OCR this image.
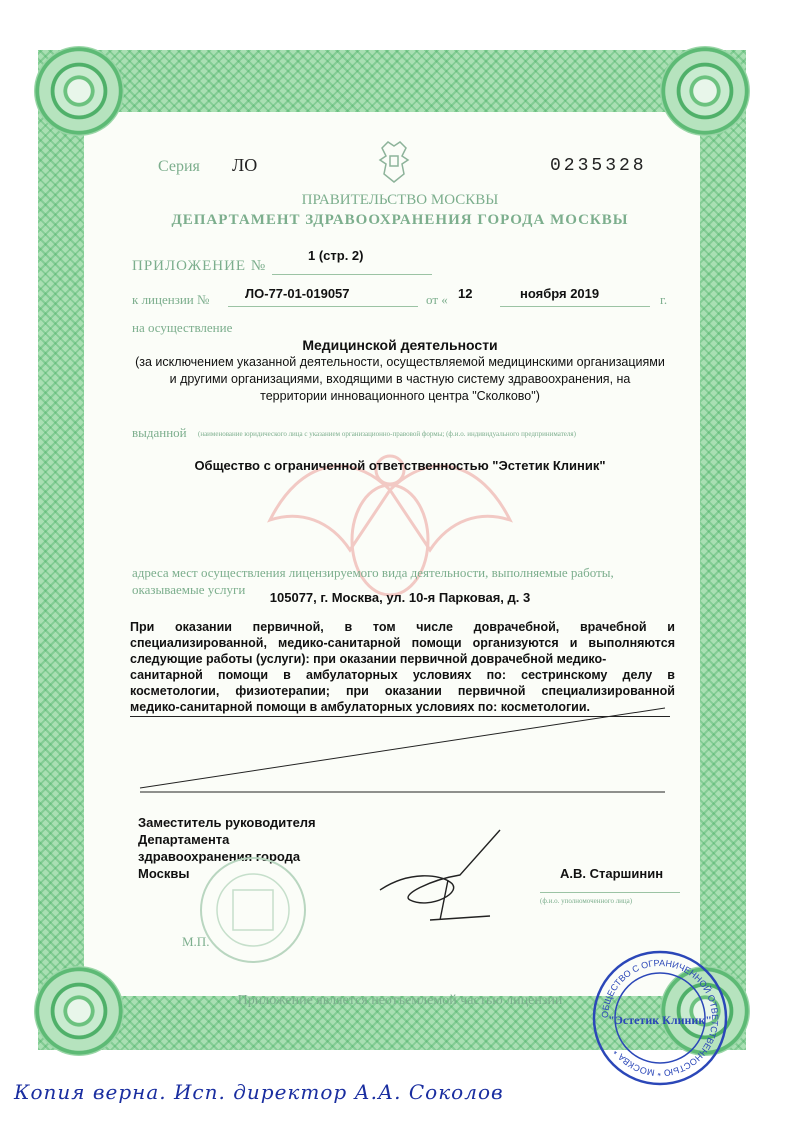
Серия ЛО	0235328
ПРАВИТЕЛЬСТВО МОСКВЫ
ДЕПАРТАМЕНТ ЗДРАВООХРАНЕНИЯ ГОРОДА МОСКВЫ
ПРИЛОЖЕНИЕ №
1 (стр. 2)
к лицензии №	ЛО-77-01-019057	от « 12	ноября 2019	г.
на осуществление
Медицинской деятельности
(за исключением указанной деятельности, осуществляемой медицинскими организациями
и другими организациями, входящими в частную систему здравоохранения, на
территории инновационного центра "Сколково")
выданной (наименование юридического лица с указанием организационно-правовой формы; (ф.и.о. индивидуального предпринимателя)
Общество с ограниченной ответственностью "Эстетик Клиник"
адреса мест осуществления лицензируемого вида деятельности, выполняемые работы,
оказываемые услуги
105077, г. Москва, ул. 10-я Парковая, д. 3
При оказании первичной, в том числе доврачебной, врачебной и
специализированной, медико-санитарной помощи организуются и выполняются
следующие работы (услуги): при оказании первичной доврачебной медико-
санитарной помощи в амбулаторных условиях по: сестринскому делу в
косметологии, физиотерапии; при оказании первичной специализированной
медико-санитарной помощи в амбулаторных условиях по: косметологии.
Заместитель руководителя
Департамента
здравоохранения города
Москвы	А.В. Старшинин
(ф.и.о. уполномоченного лица)
М.П.
Приложение является неотъемлемой частью лицензии
ОБЩЕСТВО С ОГРАНИЧЕННОЙ ОТВЕТСТВЕННОСТЬЮ * МОСКВА *
"Эстетик Клиник"
Копия верна. Исп. директор А.А. Соколов
